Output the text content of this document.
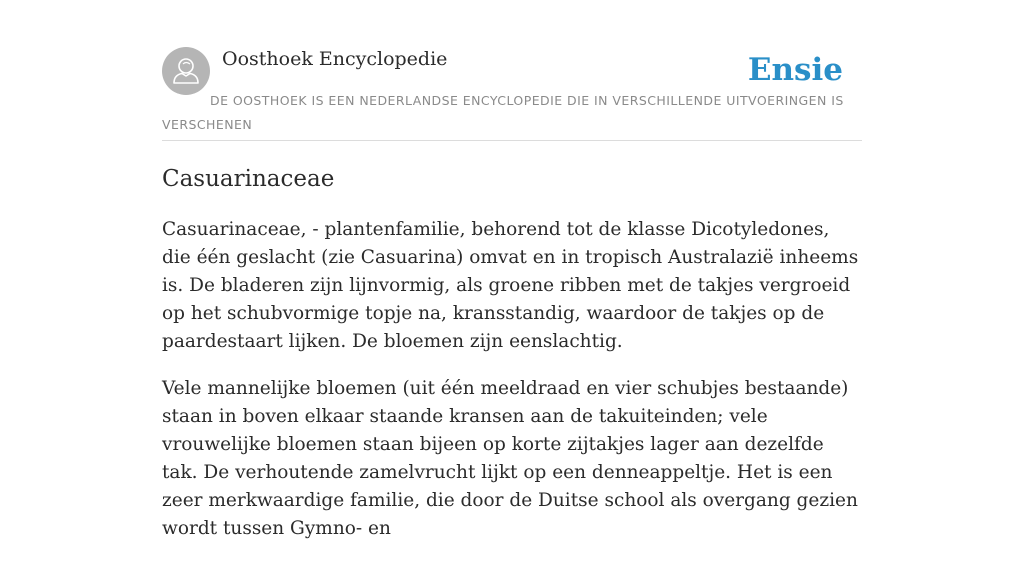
Oosthoek Encyclopedie	Ensie
DE OOSTHOEK IS EEN NEDERLANDSE ENCYCLOPEDIE DIE IN VERSCHILLENDE UITVOERINGEN IS VERSCHENEN
Casuarinaceae

Casuarinaceae, - plantenfamilie, behorend tot de klasse Dicotyledones, die één geslacht (zie Casuarina) omvat en in tropisch Australazië inheems is. De bladeren zijn lijnvormig, als groene ribben met de takjes vergroeid op het schubvormige topje na, kransstandig, waardoor de takjes op de paardestaart lijken. De bloemen zijn eenslachtig.

Vele mannelijke bloemen (uit één meeldraad en vier schubjes bestaande) staan in boven elkaar staande kransen aan de takuiteinden; vele vrouwelijke bloemen staan bijeen op korte zijtakjes lager aan dezelfde tak. De verhoutende zamelvrucht lijkt op een denneappeltje. Het is een zeer merkwaardige familie, die door de Duitse school als overgang gezien wordt tussen Gymno- en
